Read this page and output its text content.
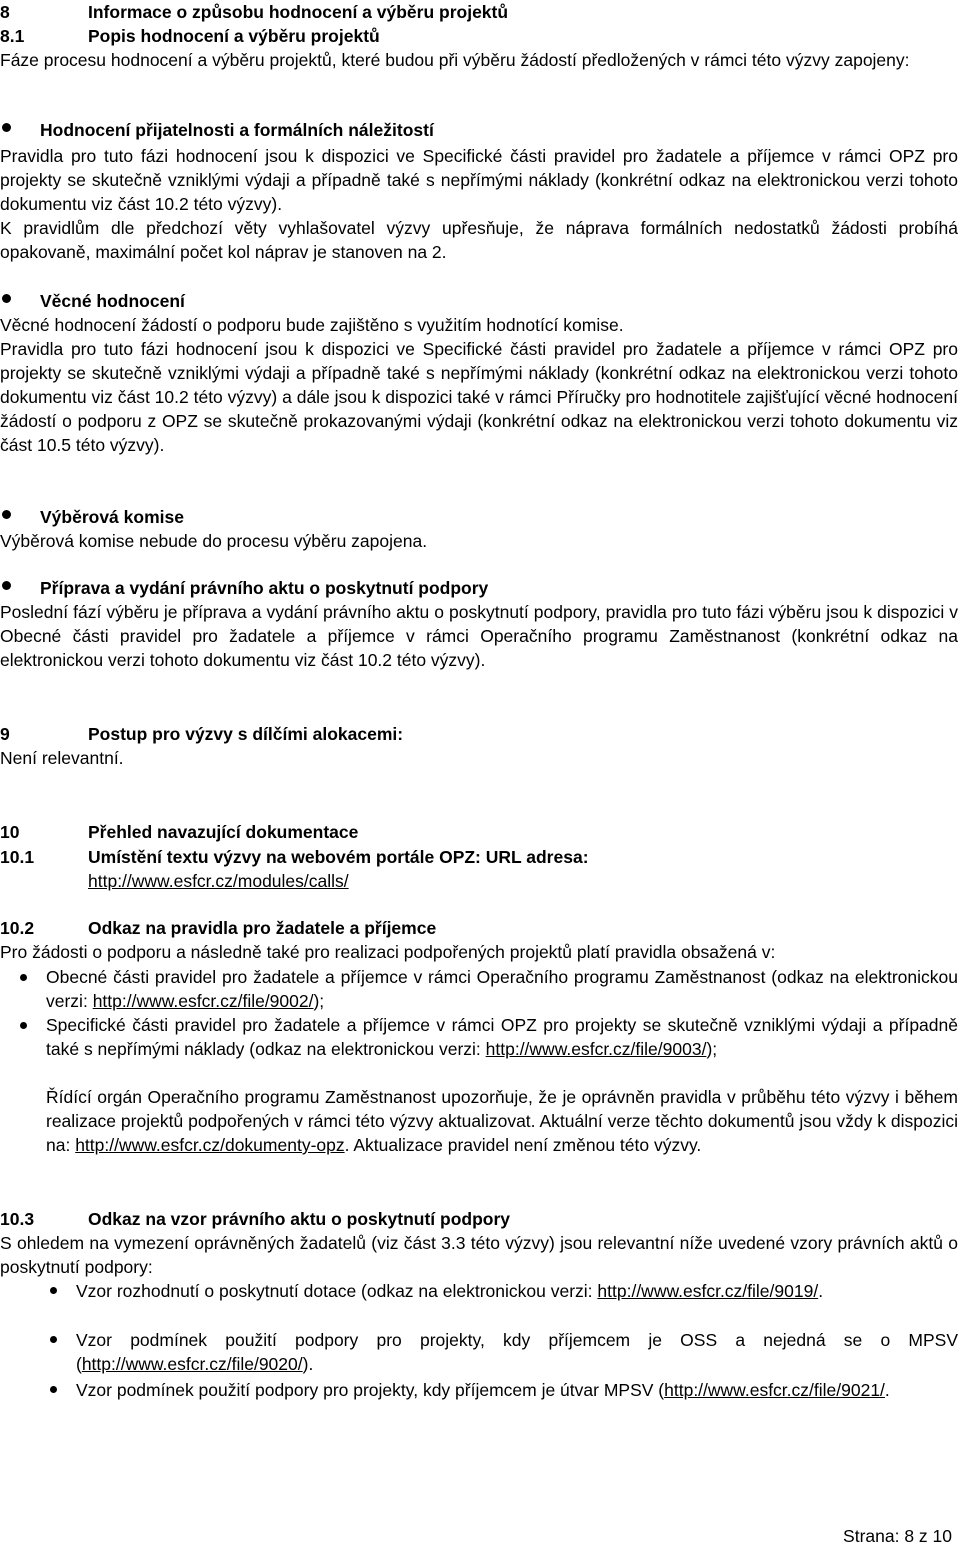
8	Informace o způsobu hodnocení a výběru projektů
8.1	Popis hodnocení a výběru projektů
Fáze procesu hodnocení a výběru projektů, které budou při výběru žádostí předložených v rámci této výzvy zapojeny:
Hodnocení přijatelnosti a formálních náležitostí
Pravidla pro tuto fázi hodnocení jsou k dispozici ve Specifické části pravidel pro žadatele a příjemce v rámci OPZ pro projekty se skutečně vzniklými výdaji a případně také s nepřímými náklady (konkrétní odkaz na elektronickou verzi tohoto dokumentu viz část 10.2 této výzvy).
K pravidlům dle předchozí věty vyhlašovatel výzvy upřesňuje, že náprava formálních nedostatků žádosti probíhá opakovaně, maximální počet kol náprav je stanoven na 2.
Věcné hodnocení
Věcné hodnocení žádostí o podporu bude zajištěno s využitím hodnotící komise.
Pravidla pro tuto fázi hodnocení jsou k dispozici ve Specifické části pravidel pro žadatele a příjemce v rámci OPZ pro projekty se skutečně vzniklými výdaji a případně také s nepřímými náklady (konkrétní odkaz na elektronickou verzi tohoto dokumentu viz část 10.2 této výzvy) a dále jsou k dispozici také v rámci Příručky pro hodnotitele zajišťující věcné hodnocení žádostí o podporu z OPZ se skutečně prokazovanými výdaji (konkrétní odkaz na elektronickou verzi tohoto dokumentu viz část 10.5 této výzvy).
Výběrová komise
Výběrová komise nebude do procesu výběru zapojena.
Příprava a vydání právního aktu o poskytnutí podpory
Poslední fází výběru je příprava a vydání právního aktu o poskytnutí podpory, pravidla pro tuto fázi výběru jsou k dispozici v Obecné části pravidel pro žadatele a příjemce v rámci Operačního programu Zaměstnanost (konkrétní odkaz na elektronickou verzi tohoto dokumentu viz část 10.2 této výzvy).
9	Postup pro výzvy s dílčími alokacemi:
Není relevantní.
10	Přehled navazující dokumentace
10.1	Umístění textu výzvy na webovém portále OPZ: URL adresa:
http://www.esfcr.cz/modules/calls/
10.2	Odkaz na pravidla pro žadatele a příjemce
Pro žádosti o podporu a následně také pro realizaci podpořených projektů platí pravidla obsažená v:
Obecné části pravidel pro žadatele a příjemce v rámci Operačního programu Zaměstnanost (odkaz na elektronickou verzi: http://www.esfcr.cz/file/9002/);
Specifické části pravidel pro žadatele a příjemce v rámci OPZ pro projekty se skutečně vzniklými výdaji a případně také s nepřímými náklady (odkaz na elektronickou verzi: http://www.esfcr.cz/file/9003/);
Řídící orgán Operačního programu Zaměstnanost upozorňuje, že je oprávněn pravidla v průběhu této výzvy i během realizace projektů podpořených v rámci této výzvy aktualizovat. Aktuální verze těchto dokumentů jsou vždy k dispozici na: http://www.esfcr.cz/dokumenty-opz. Aktualizace pravidel není změnou této výzvy.
10.3	Odkaz na vzor právního aktu o poskytnutí podpory
S ohledem na vymezení oprávněných žadatelů (viz část 3.3 této výzvy) jsou relevantní níže uvedené vzory právních aktů o poskytnutí podpory:
Vzor rozhodnutí o poskytnutí dotace (odkaz na elektronickou verzi: http://www.esfcr.cz/file/9019/.
Vzor podmínek použití podpory pro projekty, kdy příjemcem je OSS a nejedná se o MPSV (http://www.esfcr.cz/file/9020/).
Vzor podmínek použití podpory pro projekty, kdy příjemcem je útvar MPSV (http://www.esfcr.cz/file/9021/.
Strana: 8 z 10
